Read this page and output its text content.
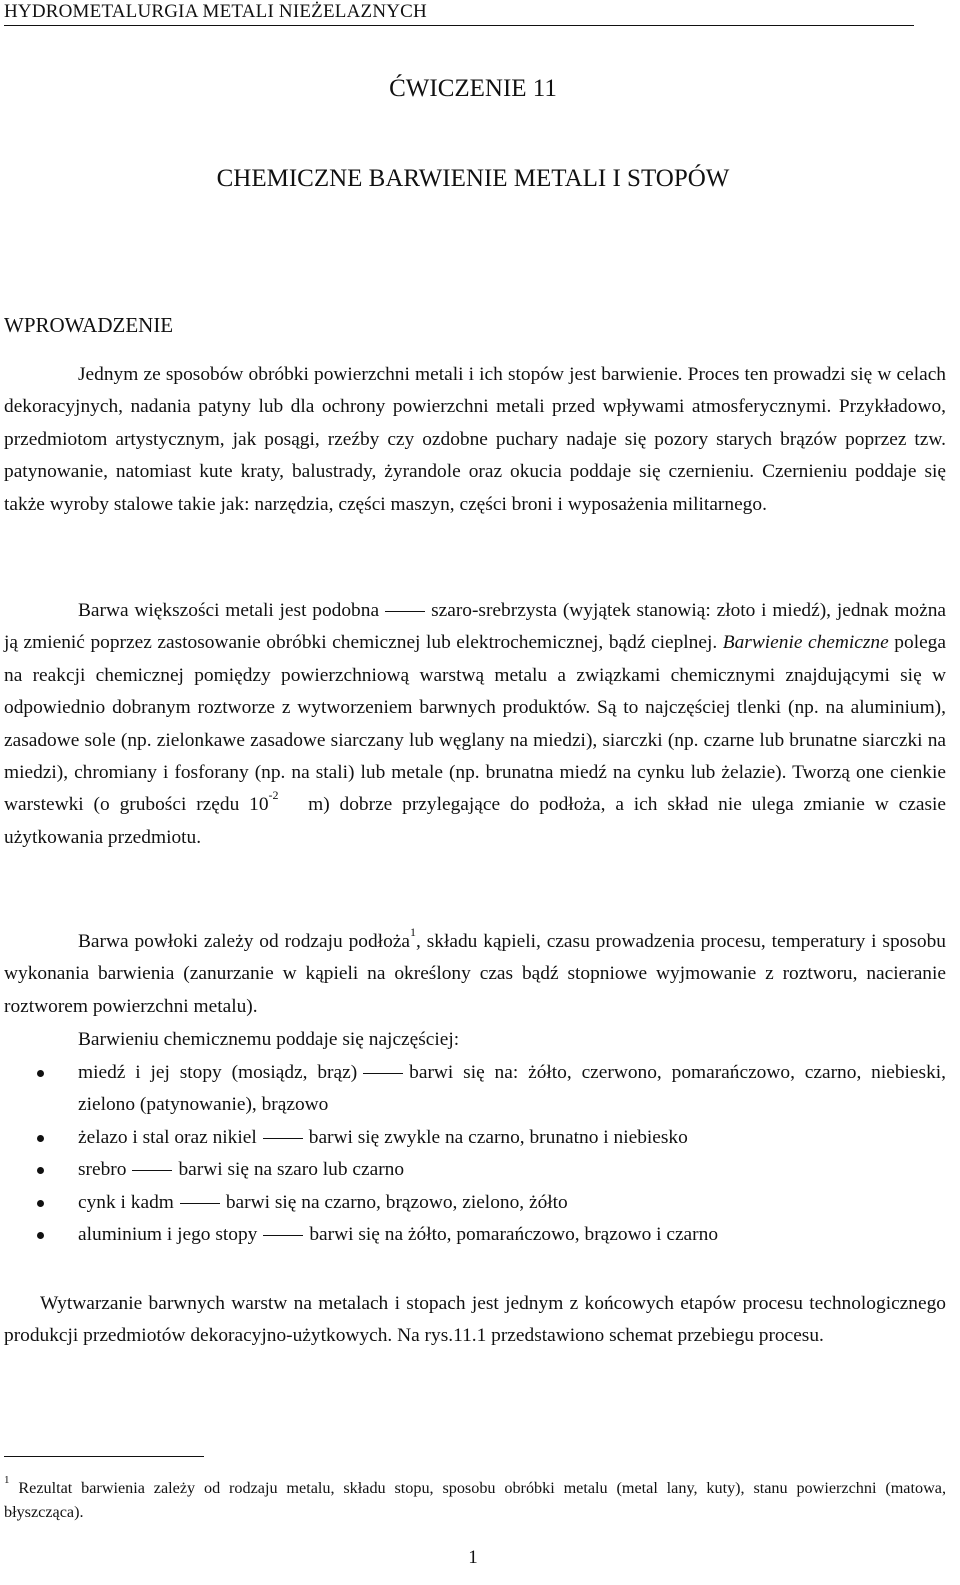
HYDROMETALURGIA METALI NIEŻELAZNYCH
ĆWICZENIE 11
CHEMICZNE BARWIENIE METALI I STOPÓW
WPROWADZENIE
Jednym ze sposobów obróbki powierzchni metali i ich stopów jest barwienie. Proces ten prowadzi się w celach dekoracyjnych, nadania patyny lub dla ochrony powierzchni metali przed wpływami atmosferycznymi. Przykładowo, przedmiotom artystycznym, jak posągi, rzeźby czy ozdobne puchary nadaje się pozory starych brązów poprzez tzw. patynowanie, natomiast kute kraty, balustrady, żyrandole oraz okucia poddaje się czernieniu. Czernieniu poddaje się także wyroby stalowe takie jak: narzędzia, części maszyn, części broni i wyposażenia militarnego.
Barwa większości metali jest podobna	szaro-srebrzysta (wyjątek stanowią: złoto i miedź), jednak można ją zmienić poprzez zastosowanie obróbki chemicznej lub elektrochemicznej, bądź cieplnej. Barwienie chemiczne polega na reakcji chemicznej pomiędzy powierzchniową warstwą metalu a związkami chemicznymi znajdującymi się w odpowiednio dobranym roztworze z wytworzeniem barwnych produktów. Są to najczęściej tlenki (np. na aluminium), zasadowe sole (np. zielonkawe zasadowe siarczany lub węglany na miedzi), siarczki (np. czarne lub brunatne siarczki na miedzi), chromiany i fosforany (np. na stali) lub metale (np. brunatna miedź na cynku lub żelazie). Tworzą one cienkie warstewki (o grubości rzędu $10^{-2}$ m) dobrze przylegające do podłoża, a ich skład nie ulega zmianie w czasie użytkowania przedmiotu.
Barwa powłoki zależy od rodzaju podłoża$^1$, składu kąpieli, czasu prowadzenia procesu, temperatury i sposobu wykonania barwienia (zanurzanie w kąpieli na określony czas bądź stopniowe wyjmowanie z roztworu, nacieranie roztworem powierzchni metalu).
Barwieniu chemicznemu poddaje się najczęściej:
miedź i jej stopy (mosiądz, brąz)	barwi się na: żółto, czerwono, pomarańczowo, czarno, niebieski, zielono (patynowanie), brązowo
żelazo i stal oraz nikiel	barwi się zwykle na czarno, brunatno i niebiesko
srebro	barwi się na szaro lub czarno
cynk i kadm	barwi się na czarno, brązowo, zielono, żółto
aluminium i jego stopy	barwi się na żółto, pomarańczowo, brązowo i czarno
Wytwarzanie barwnych warstw na metalach i stopach jest jednym z końcowych etapów procesu technologicznego produkcji przedmiotów dekoracyjno-użytkowych. Na rys.11.1 przedstawiono schemat przebiegu procesu.
$^1$ Rezultat barwienia zależy od rodzaju metalu, składu stopu, sposobu obróbki metalu (metal lany, kuty), stanu powierzchni (matowa, błyszcząca).
1
